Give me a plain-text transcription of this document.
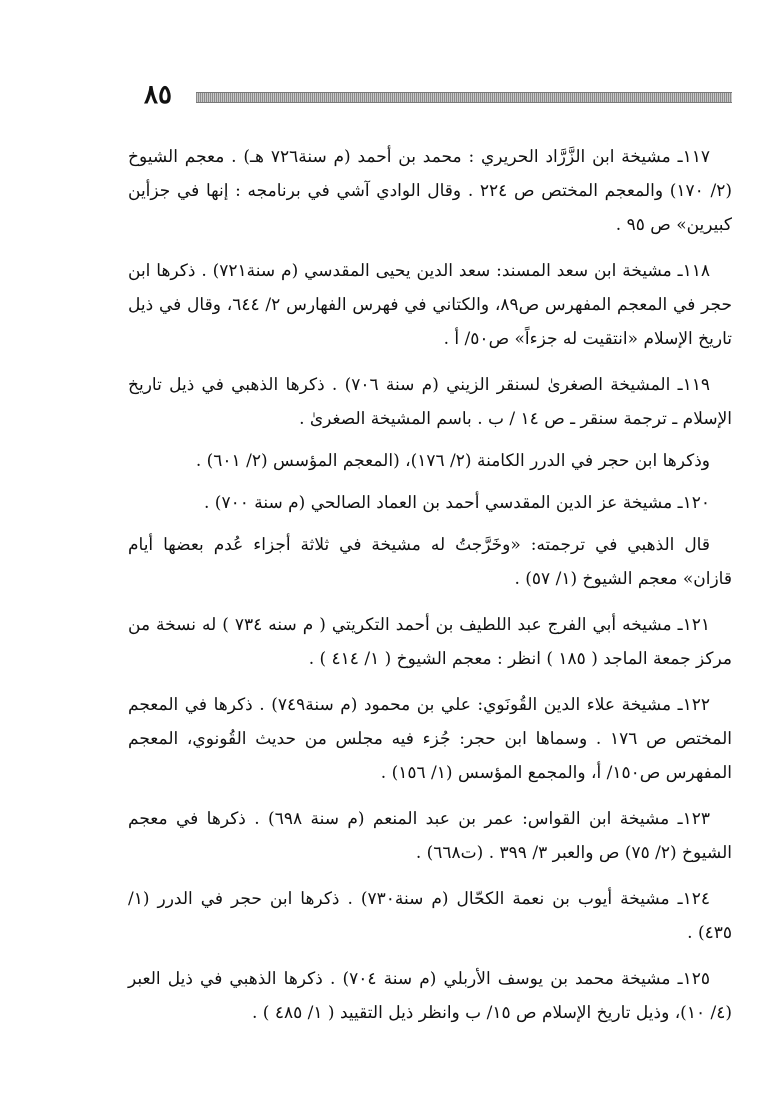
٨٥

١١٧ـ مشيخة ابن الزَّرَّاد الحريري : محمد بن أحمد (م سنة٧٢٦ هـ) . معجم الشيوخ (٢/ ١٧٠) والمعجم المختص ص ٢٢٤ . وقال الوادي آشي في برنامجه : إنها في جزأين كبيرين» ص ٩٥ .

١١٨ـ مشيخة ابن سعد المسند: سعد الدين يحيى المقدسي (م سنة٧٢١) . ذكرها ابن حجر في المعجم المفهرس ص٨٩، والكتاني في فهرس الفهارس ٢/ ٦٤٤، وقال في ذيل تاريخ الإسلام «انتقيت له جزءاً» ص٥٠/ أ .

١١٩ـ المشيخة الصغرىٰ لسنقر الزيني (م سنة ٧٠٦) . ذكرها الذهبي في ذيل تاريخ الإسلام ـ ترجمة سنقر ـ ص ١٤ / ب . باسم المشيخة الصغرىٰ .

وذكرها ابن حجر في الدرر الكامنة (٢/ ١٧٦)، (المعجم المؤسس (٢/ ٦٠١) .

١٢٠ـ مشيخة عز الدين المقدسي أحمد بن العماد الصالحي (م سنة ٧٠٠) .

قال الذهبي في ترجمته: «وخَرَّجتُ له مشيخة في ثلاثة أجزاء عُدم بعضها أيام قازان» معجم الشيوخ (١/ ٥٧) .

١٢١ـ مشيخه أبي الفرج عبد اللطيف بن أحمد التكريتي ( م سنه ٧٣٤ ) له نسخة من مركز جمعة الماجد ( ١٨٥ ) انظر : معجم الشيوخ ( ١/ ٤١٤ ) .

١٢٢ـ مشيخة علاء الدين القُونَوي: علي بن محمود (م سنة٧٤٩) . ذكرها في المعجم المختص ص ١٧٦ . وسماها ابن حجر: جُزء فيه مجلس من حديث القُونوي، المعجم المفهرس ص١٥٠/ أ، والمجمع المؤسس (١/ ١٥٦) .

١٢٣ـ مشيخة ابن القواس: عمر بن عبد المنعم (م سنة ٦٩٨) . ذكرها في معجم الشيوخ (٢/ ٧٥) ص والعبر ٣/ ٣٩٩ . (ت٦٦٨) .

١٢٤ـ مشيخة أيوب بن نعمة الكحّال (م سنة٧٣٠) . ذكرها ابن حجر في الدرر (١/ ٤٣٥) .

١٢٥ـ مشيخة محمد بن يوسف الأربلي (م سنة ٧٠٤) . ذكرها الذهبي في ذيل العبر (٤/ ١٠)، وذيل تاريخ الإسلام ص ١٥/ ب وانظر ذيل التقييد ( ١/ ٤٨٥ ) .
